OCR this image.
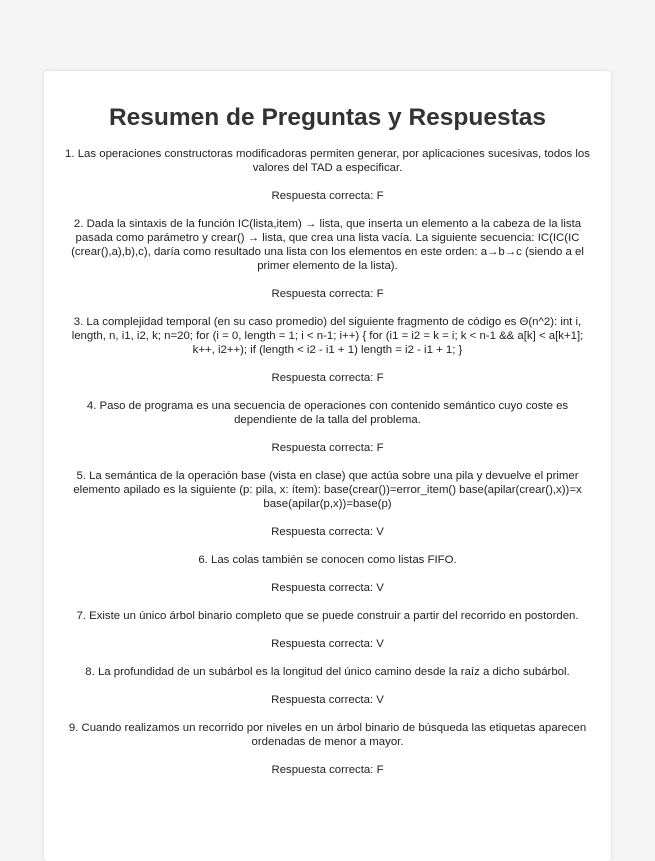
Resumen de Preguntas y Respuestas

1. Las operaciones constructoras modificadoras permiten generar, por aplicaciones sucesivas, todos los valores del TAD a especificar.

Respuesta correcta: F

2. Dada la sintaxis de la función IC(lista,item) → lista, que inserta un elemento a la cabeza de la lista pasada como parámetro y crear() → lista, que crea una lista vacía. La siguiente secuencia: IC(IC(IC (crear(),a),b),c), daría como resultado una lista con los elementos en este orden: a→b→c (siendo a el primer elemento de la lista).

Respuesta correcta: F

3. La complejidad temporal (en su caso promedio) del siguiente fragmento de código es Θ(n^2): int i, length, n, i1, i2, k; n=20; for (i = 0, length = 1; i < n-1; i++) { for (i1 = i2 = k = i; k < n-1 && a[k] < a[k+1]; k++, i2++); if (length < i2 - i1 + 1) length = i2 - i1 + 1; }

Respuesta correcta: F

4. Paso de programa es una secuencia de operaciones con contenido semántico cuyo coste es dependiente de la talla del problema.

Respuesta correcta: F

5. La semántica de la operación base (vista en clase) que actúa sobre una pila y devuelve el primer elemento apilado es la siguiente (p: pila, x: ítem): base(crear())=error_item() base(apilar(crear(),x))=x base(apilar(p,x))=base(p)

Respuesta correcta: V

6. Las colas también se conocen como listas FIFO.

Respuesta correcta: V

7. Existe un único árbol binario completo que se puede construir a partir del recorrido en postorden.

Respuesta correcta: V

8. La profundidad de un subárbol es la longitud del único camino desde la raíz a dicho subárbol.

Respuesta correcta: V

9. Cuando realizamos un recorrido por niveles en un árbol binario de búsqueda las etiquetas aparecen ordenadas de menor a mayor.

Respuesta correcta: F
